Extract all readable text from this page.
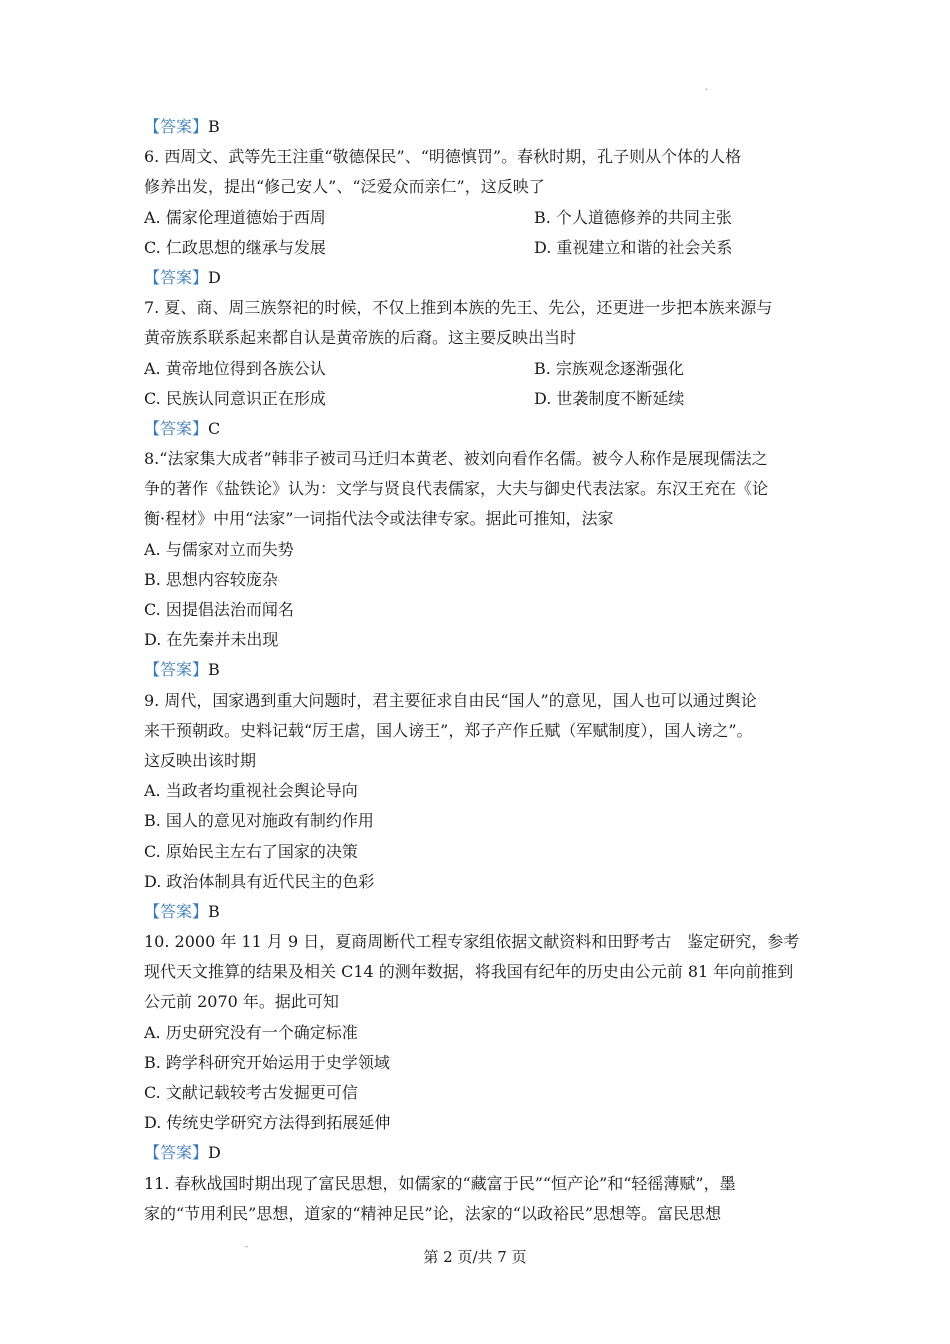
˛
【答案】B
6. 西周文、武等先王注重“敬德保民”、“明德慎罚”。春秋时期，孔子则从个体的人格
修养出发，提出“修己安人”、“泛爱众而亲仁”，这反映了
A. 儒家伦理道德始于西周	B. 个人道德修养的共同主张
C. 仁政思想的继承与发展	D. 重视建立和谐的社会关系
【答案】D
7. 夏、商、周三族祭祀的时候，不仅上推到本族的先王、先公，还更进一步把本族来源与
黄帝族系联系起来都自认是黄帝族的后裔。这主要反映出当时
A. 黄帝地位得到各族公认	B. 宗族观念逐渐强化
C. 民族认同意识正在形成	D. 世袭制度不断延续
【答案】C
8.“法家集大成者”韩非子被司马迁归本黄老、被刘向看作名儒。被今人称作是展现儒法之
争的著作《盐铁论》认为：文学与贤良代表儒家，大夫与御史代表法家。东汉王充在《论
衡·程材》中用“法家”一词指代法令或法律专家。据此可推知，法家
A. 与儒家对立而失势
B. 思想内容较庞杂
C. 因提倡法治而闻名
D. 在先秦并未出现
【答案】B
9. 周代，国家遇到重大问题时，君主要征求自由民“国人”的意见，国人也可以通过舆论
来干预朝政。史料记载“厉王虐，国人谤王”，郑子产作丘赋（军赋制度），国人谤之”。
这反映出该时期
A. 当政者均重视社会舆论导向
B. 国人的意见对施政有制约作用
C. 原始民主左右了国家的决策
D. 政治体制具有近代民主的色彩
【答案】B
10. 2000 年 11 月 9 日，夏商周断代工程专家组依据文献资料和田野考古　鉴定研究，参考
现代天文推算的结果及相关 C14 的测年数据，将我国有纪年的历史由公元前 81 年向前推到
公元前 2070 年。据此可知
A. 历史研究没有一个确定标准
B. 跨学科研究开始运用于史学领域
C. 文献记载较考古发掘更可信
D. 传统史学研究方法得到拓展延伸
【答案】D
11. 春秋战国时期出现了富民思想，如儒家的“藏富于民”“恒产论”和“轻徭薄赋”，墨
家的“节用利民”思想，道家的“精神足民”论，法家的“以政裕民”思想等。富民思想
ˉ	第 2 页/共 7 页
